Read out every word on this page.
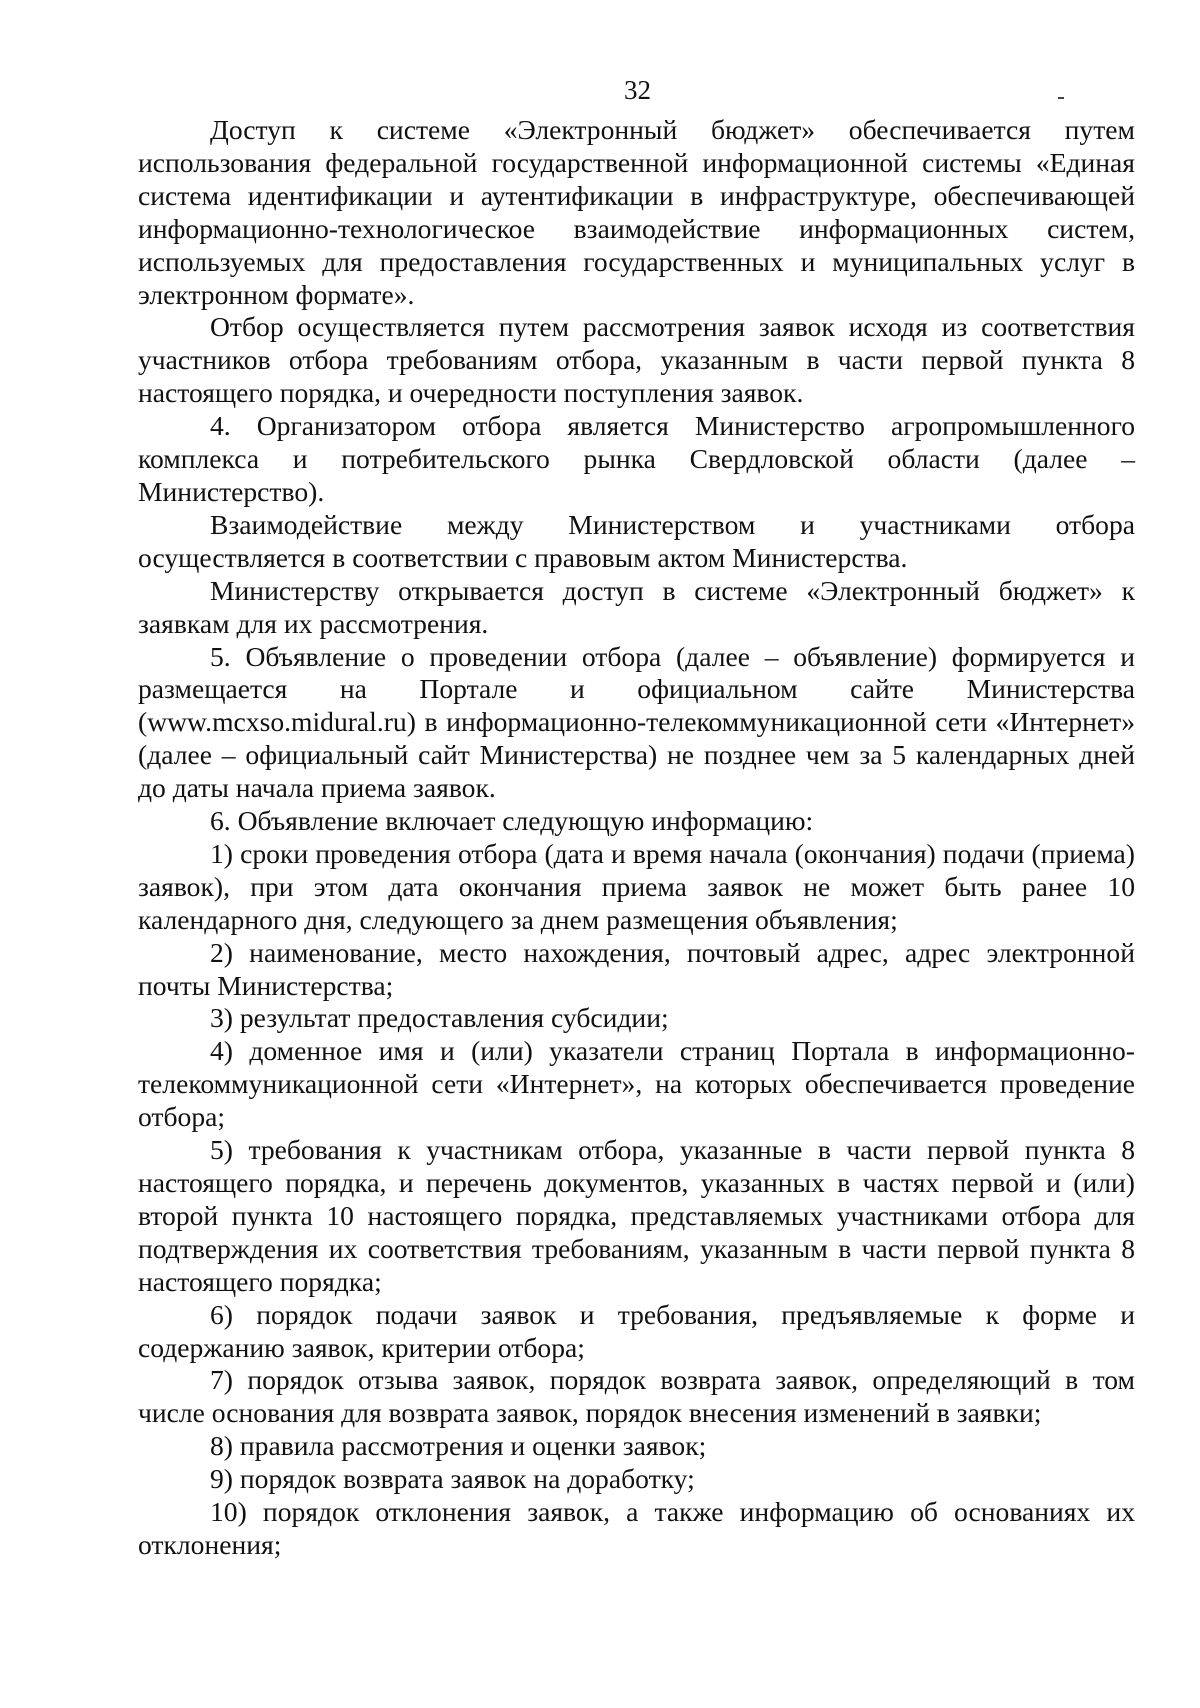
32

Доступ к системе «Электронный бюджет» обеспечивается путем использования федеральной государственной информационной системы «Единая система идентификации и аутентификации в инфраструктуре, обеспечивающей информационно-технологическое взаимодействие информационных систем, используемых для предоставления государственных и муниципальных услуг в электронном формате».

Отбор осуществляется путем рассмотрения заявок исходя из соответствия участников отбора требованиям отбора, указанным в части первой пункта 8 настоящего порядка, и очередности поступления заявок.

4. Организатором отбора является Министерство агропромышленного комплекса и потребительского рынка Свердловской области (далее – Министерство).

Взаимодействие между Министерством и участниками отбора осуществляется в соответствии с правовым актом Министерства.

Министерству открывается доступ в системе «Электронный бюджет» к заявкам для их рассмотрения.

5. Объявление о проведении отбора (далее – объявление) формируется и размещается на Портале и официальном сайте Министерства (www.mcxso.midural.ru) в информационно-телекоммуникационной сети «Интернет» (далее – официальный сайт Министерства) не позднее чем за 5 календарных дней до даты начала приема заявок.

6. Объявление включает следующую информацию:

1) сроки проведения отбора (дата и время начала (окончания) подачи (приема) заявок), при этом дата окончания приема заявок не может быть ранее 10 календарного дня, следующего за днем размещения объявления;

2) наименование, место нахождения, почтовый адрес, адрес электронной почты Министерства;

3) результат предоставления субсидии;

4) доменное имя и (или) указатели страниц Портала в информационно-телекоммуникационной сети «Интернет», на которых обеспечивается проведение отбора;

5) требования к участникам отбора, указанные в части первой пункта 8 настоящего порядка, и перечень документов, указанных в частях первой и (или) второй пункта 10 настоящего порядка, представляемых участниками отбора для подтверждения их соответствия требованиям, указанным в части первой пункта 8 настоящего порядка;

6) порядок подачи заявок и требования, предъявляемые к форме и содержанию заявок, критерии отбора;

7) порядок отзыва заявок, порядок возврата заявок, определяющий в том числе основания для возврата заявок, порядок внесения изменений в заявки;

8) правила рассмотрения и оценки заявок;

9) порядок возврата заявок на доработку;

10) порядок отклонения заявок, а также информацию об основаниях их отклонения;
